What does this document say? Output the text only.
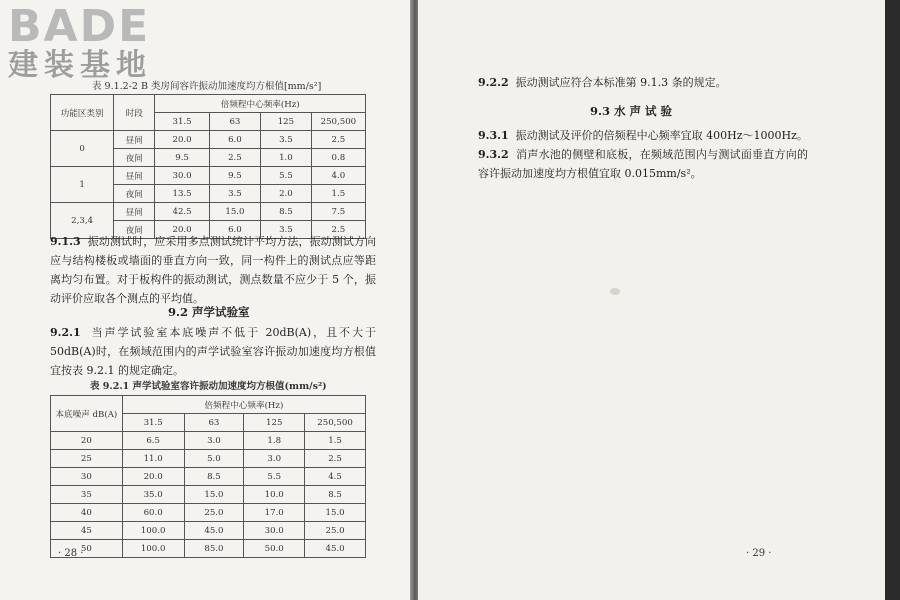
BADE
建装基地
表 9.1.2-2 B 类房间容许振动加速度均方根值[mm/s²]
功能区类别	时段	倍频程中心频率(Hz)			
		31.5	63	125	250,500
0	昼间	20.0	6.0	3.5	2.5
	夜间	9.5	2.5	1.0	0.8
1	昼间	30.0	9.5	5.5	4.0
	夜间	13.5	3.5	2.0	1.5
2,3,4	昼间	42.5	15.0	8.5	7.5
	夜间	20.0	6.0	3.5	2.5
9.1.3 振动测试时，应采用多点测试统计平均方法，振动测试方向应与结构楼板或墙面的垂直方向一致，同一构件上的测试点应等距离均匀布置。对于板构件的振动测试，测点数量不应少于 5 个，振动评价应取各个测点的平均值。
9.2 声学试验室
9.2.1 当声学试验室本底噪声不低于 20dB(A)，且不大于 50dB(A)时，在频域范围内的声学试验室容许振动加速度均方根值宜按表 9.2.1 的规定确定。
表 9.2.1 声学试验室容许振动加速度均方根值(mm/s²)
本底噪声 dB(A)	倍频程中心频率(Hz)			
	31.5	63	125	250,500
20	6.5	3.0	1.8	1.5
25	11.0	5.0	3.0	2.5
30	20.0	8.5	5.5	4.5
35	35.0	15.0	10.0	8.5
40	60.0	25.0	17.0	15.0
45	100.0	45.0	30.0	25.0
50	100.0	85.0	50.0	45.0
· 28 ·
9.2.2 振动测试应符合本标准第 9.1.3 条的规定。
9.3 水 声 试 验
9.3.1 振动测试及评价的倍频程中心频率宜取 400Hz～1000Hz。
9.3.2 消声水池的侧壁和底板，在频域范围内与测试面垂直方向的容许振动加速度均方根值宜取 0.015mm/s²。
· 29 ·
